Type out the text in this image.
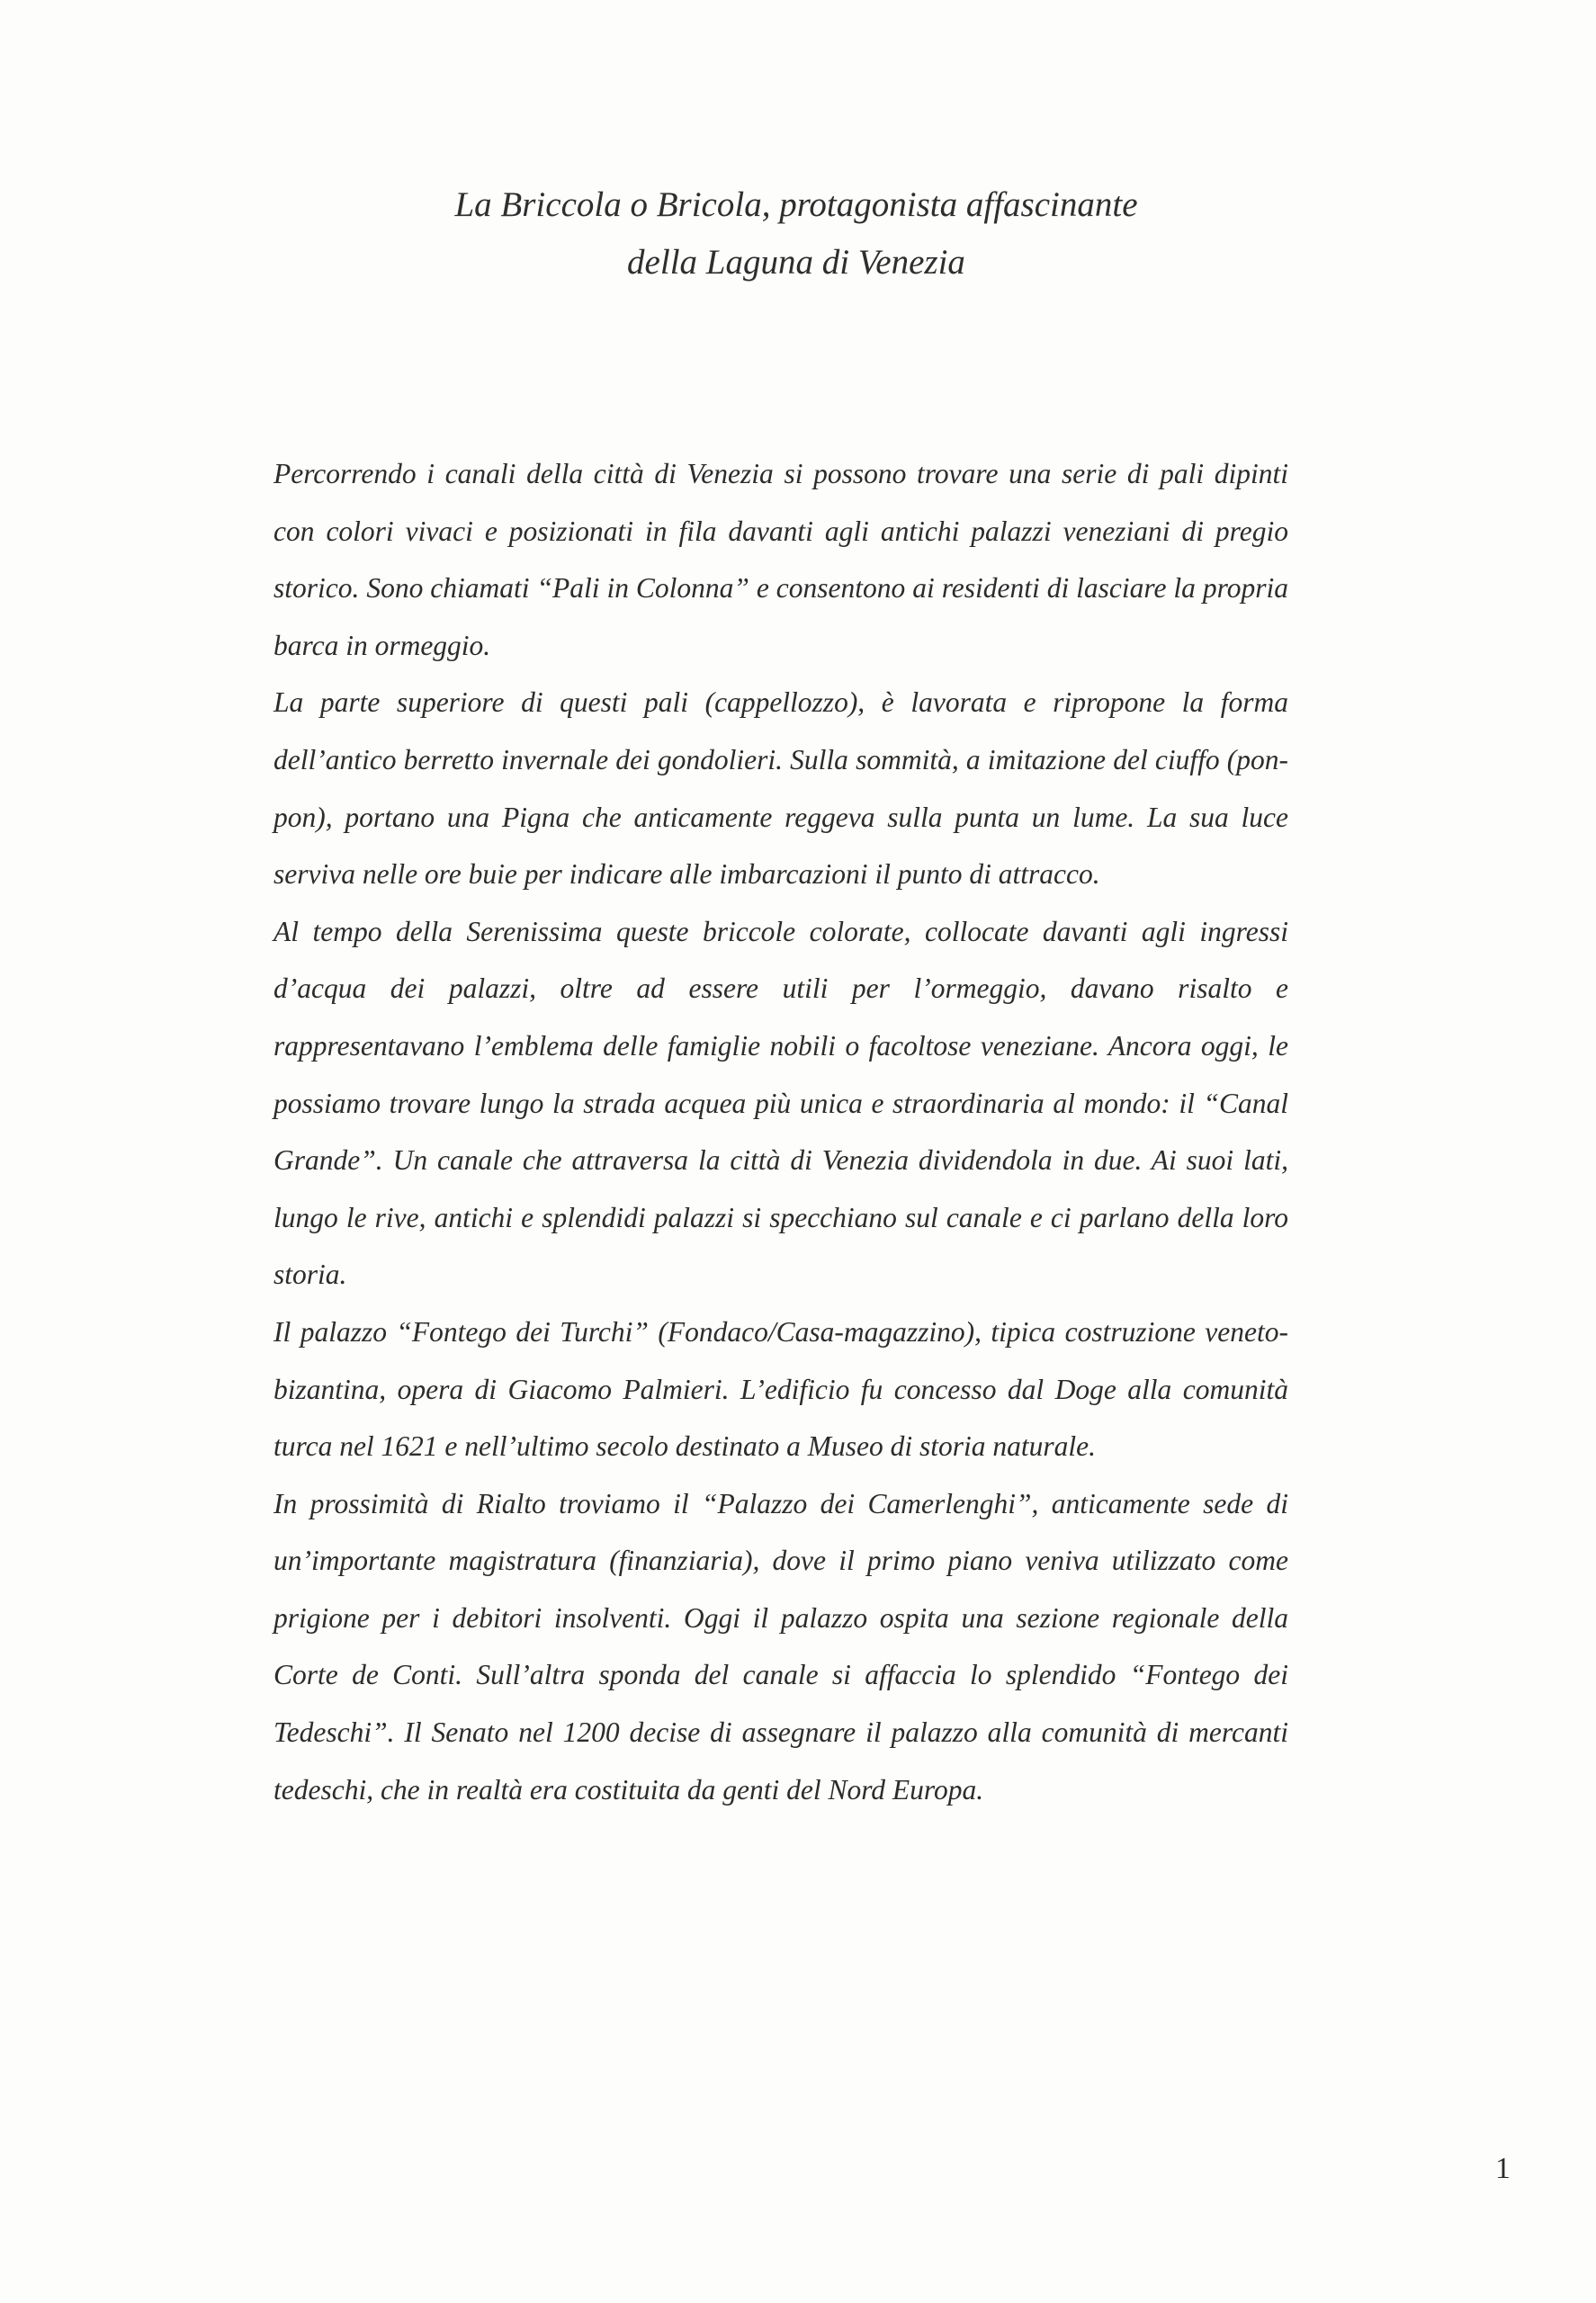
La Briccola o Bricola, protagonista affascinante
della Laguna di Venezia

Percorrendo i canali della città di Venezia si possono trovare una serie di pali dipinti con colori vivaci e posizionati in fila davanti agli antichi palazzi veneziani di pregio storico. Sono chiamati “Pali in Colonna” e consentono ai residenti di lasciare la propria barca in ormeggio.

La parte superiore di questi pali (cappellozzo), è lavorata e ripropone la forma dell’antico berretto invernale dei gondolieri. Sulla sommità, a imitazione del ciuffo (pon-pon), portano una Pigna che anticamente reggeva sulla punta un lume. La sua luce serviva nelle ore buie per indicare alle imbarcazioni il punto di attracco.

Al tempo della Serenissima queste briccole colorate, collocate davanti agli ingressi d’acqua dei palazzi, oltre ad essere utili per l’ormeggio, davano risalto e rappresentavano l’emblema delle famiglie nobili o facoltose veneziane. Ancora oggi, le possiamo trovare lungo la strada acquea più unica e straordinaria al mondo: il “Canal Grande”. Un canale che attraversa la città di Venezia dividendola in due. Ai suoi lati, lungo le rive, antichi e splendidi palazzi si specchiano sul canale e ci parlano della loro storia.

Il palazzo “Fontego dei Turchi” (Fondaco/Casa-magazzino), tipica costruzione veneto-bizantina, opera di Giacomo Palmieri. L’edificio fu concesso dal Doge alla comunità turca nel 1621 e nell’ultimo secolo destinato a Museo di storia naturale.

In prossimità di Rialto troviamo il “Palazzo dei Camerlenghi”, anticamente sede di un’importante magistratura (finanziaria), dove il primo piano veniva utilizzato come prigione per i debitori insolventi. Oggi il palazzo ospita una sezione regionale della Corte de Conti. Sull’altra sponda del canale si affaccia lo splendido “Fontego dei Tedeschi”. Il Senato nel 1200 decise di assegnare il palazzo alla comunità di mercanti tedeschi, che in realtà era costituita da genti del Nord Europa.

1
